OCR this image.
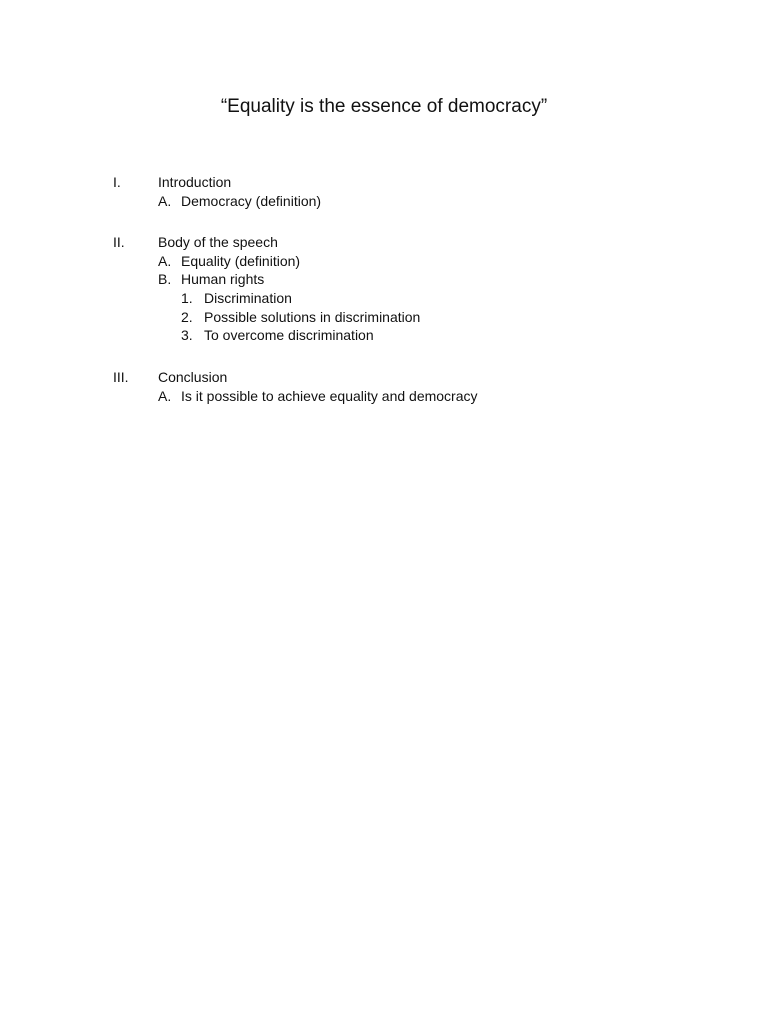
“Equality is the essence of democracy”
I.	Introduction
A. Democracy (definition)
II. Body of the speech
A. Equality (definition)
B. Human rights
1. Discrimination
2. Possible solutions in discrimination
3. To overcome discrimination
III. Conclusion
A. Is it possible to achieve equality and democracy
